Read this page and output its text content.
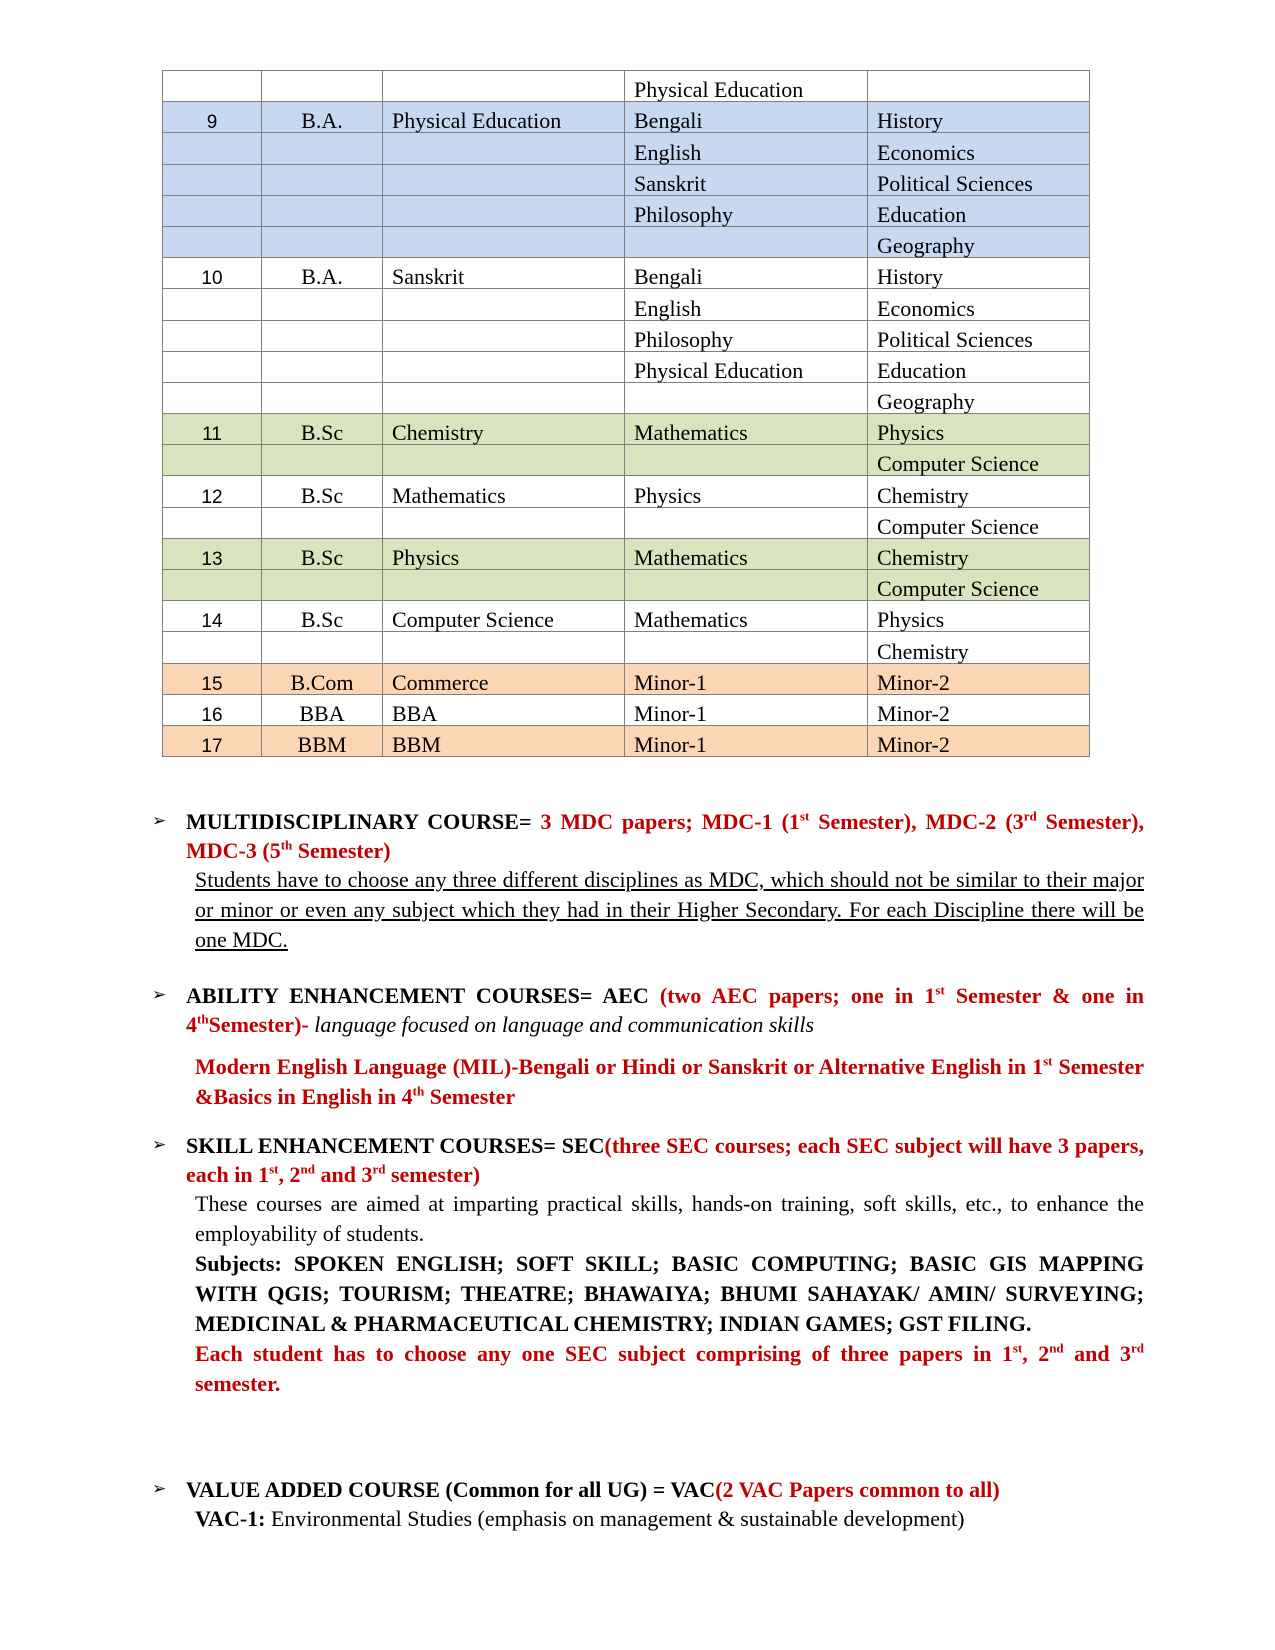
			Physical Education	
9	B.A.	Physical Education	Bengali	History
			English	Economics
			Sanskrit	Political Sciences
			Philosophy	Education
				Geography
10	B.A.	Sanskrit	Bengali	History
			English	Economics
			Philosophy	Political Sciences
			Physical Education	Education
				Geography
11	B.Sc	Chemistry	Mathematics	Physics
				Computer Science
12	B.Sc	Mathematics	Physics	Chemistry
				Computer Science
13	B.Sc	Physics	Mathematics	Chemistry
				Computer Science
14	B.Sc	Computer Science	Mathematics	Physics
				Chemistry
15	B.Com	Commerce	Minor-1	Minor-2
16	BBA	BBA	Minor-1	Minor-2
17	BBM	BBM	Minor-1	Minor-2
➢ MULTIDISCIPLINARY COURSE= 3 MDC papers; MDC-1 (1st Semester), MDC-2 (3rd Semester), MDC-3 (5th Semester)
Students have to choose any three different disciplines as MDC, which should not be similar to their major or minor or even any subject which they had in their Higher Secondary. For each Discipline there will be one MDC.
➢ ABILITY ENHANCEMENT COURSES= AEC (two AEC papers; one in 1st Semester & one in 4thSemester)- language focused on language and communication skills
Modern English Language (MIL)-Bengali or Hindi or Sanskrit or Alternative English in 1st Semester &Basics in English in 4th Semester
➢ SKILL ENHANCEMENT COURSES= SEC(three SEC courses; each SEC subject will have 3 papers, each in 1st, 2nd and 3rd semester)
These courses are aimed at imparting practical skills, hands-on training, soft skills, etc., to enhance the employability of students.
Subjects: SPOKEN ENGLISH; SOFT SKILL; BASIC COMPUTING; BASIC GIS MAPPING WITH QGIS; TOURISM; THEATRE; BHAWAIYA; BHUMI SAHAYAK/ AMIN/ SURVEYING; MEDICINAL & PHARMACEUTICAL CHEMISTRY; INDIAN GAMES; GST FILING.
Each student has to choose any one SEC subject comprising of three papers in 1st, 2nd and 3rd semester.
➢ VALUE ADDED COURSE (Common for all UG) = VAC(2 VAC Papers common to all)
VAC-1: Environmental Studies (emphasis on management & sustainable development)
